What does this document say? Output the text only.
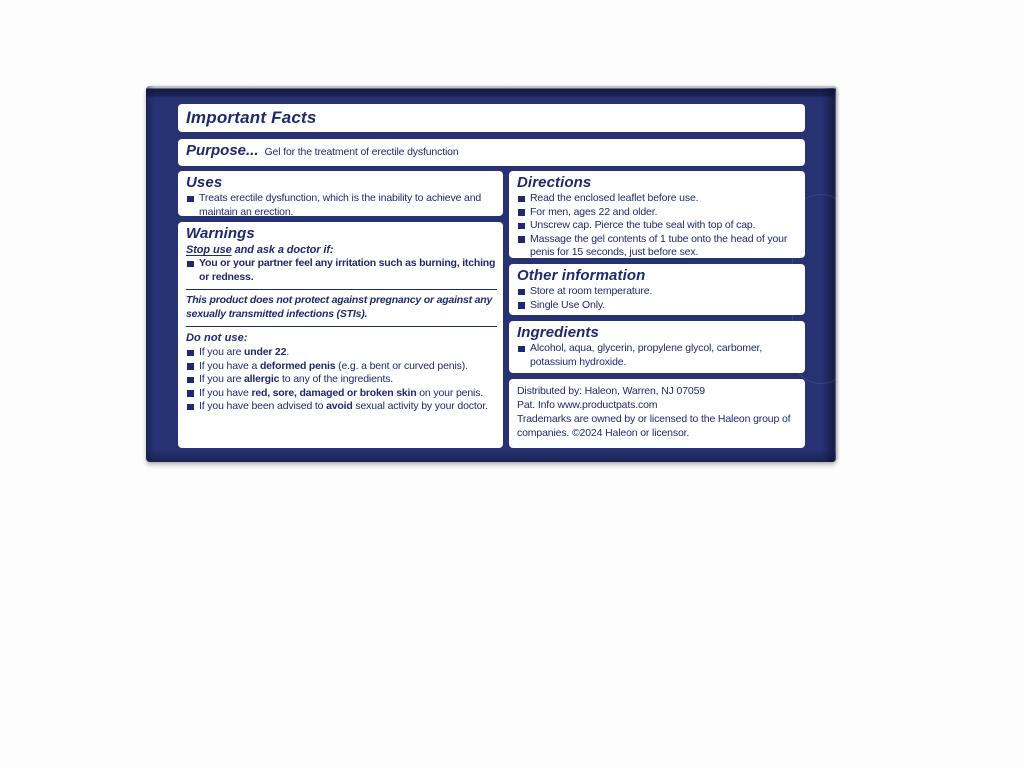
Important Facts
Purpose... Gel for the treatment of erectile dysfunction
Uses
Treats erectile dysfunction, which is the inability to achieve and maintain an erection.
Warnings
Stop use and ask a doctor if:
You or your partner feel any irritation such as burning, itching or redness.
This product does not protect against pregnancy or against any sexually transmitted infections (STIs).
Do not use:
If you are under 22.
If you have a deformed penis (e.g. a bent or curved penis).
If you are allergic to any of the ingredients.
If you have red, sore, damaged or broken skin on your penis.
If you have been advised to avoid sexual activity by your doctor.
Directions
Read the enclosed leaflet before use.
For men, ages 22 and older.
Unscrew cap. Pierce the tube seal with top of cap.
Massage the gel contents of 1 tube onto the head of your penis for 15 seconds, just before sex.
Other information
Store at room temperature.
Single Use Only.
Ingredients
Alcohol, aqua, glycerin, propylene glycol, carbomer, potassium hydroxide.
Distributed by: Haleon, Warren, NJ 07059
Pat. Info www.productpats.com
Trademarks are owned by or licensed to the Haleon group of companies. ©2024 Haleon or licensor.
